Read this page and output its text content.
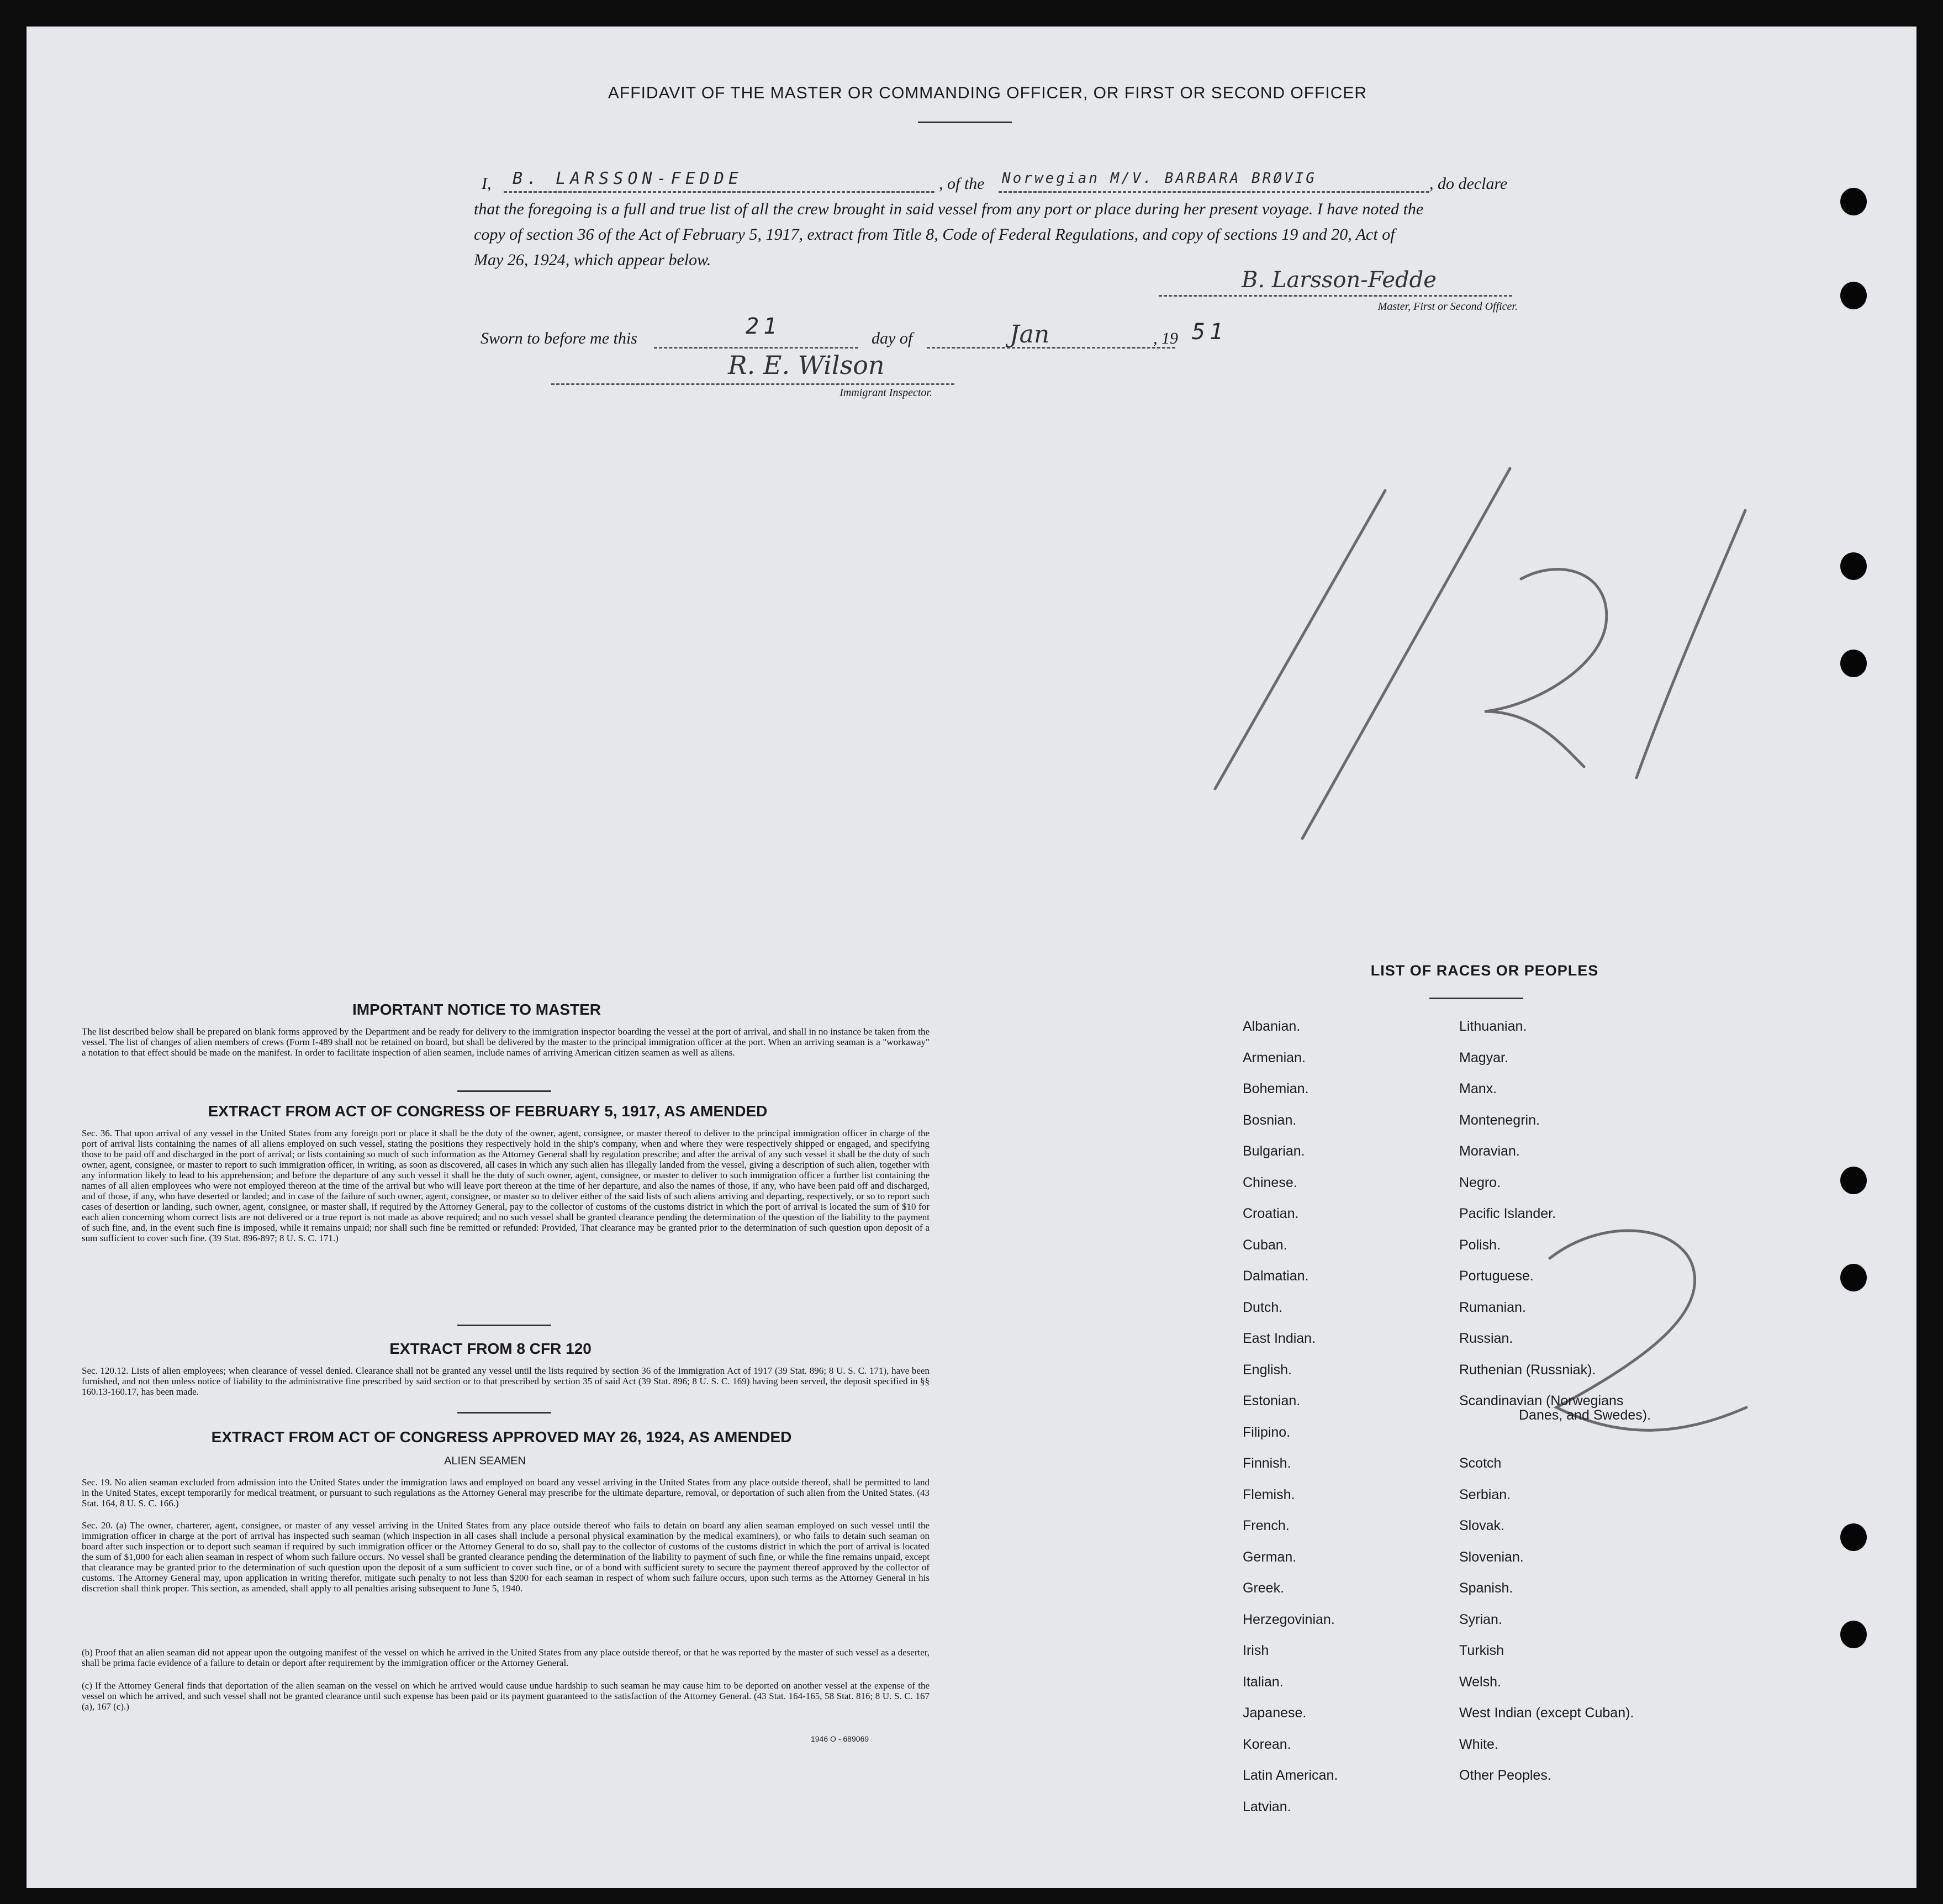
AFFIDAVIT OF THE MASTER OR COMMANDING OFFICER, OR FIRST OR SECOND OFFICER
I, B. LARSSON-FEDDE	, of the Norwegian M/V. BARBARA BRØVIG	, do declare
that the foregoing is a full and true list of all the crew brought in said vessel from any port or place during her present voyage. I have noted the
copy of section 36 of the Act of February 5, 1917, extract from Title 8, Code of Federal Regulations, and copy of sections 19 and 20, Act of
May 26, 1924, which appear below.
B. Larsson-Fedde
Master, First or Second Officer.
Sworn to before me this	21	day of	Jan	, 19 51
R. E. Wilson
Immigrant Inspector.
1/21
2
IMPORTANT NOTICE TO MASTER
The list described below shall be prepared on blank forms approved by the Department and be ready for delivery to the immigration inspector boarding the vessel at the port of arrival, and shall in no instance be taken from the vessel. The list of changes of alien members of crews (Form I-489 shall not be retained on board, but shall be delivered by the master to the principal immigration officer at the port. When an arriving seaman is a "workaway" a notation to that effect should be made on the manifest. In order to facilitate inspection of alien seamen, include names of arriving American citizen seamen as well as aliens.
EXTRACT FROM ACT OF CONGRESS OF FEBRUARY 5, 1917, AS AMENDED
Sec. 36. That upon arrival of any vessel in the United States from any foreign port or place it shall be the duty of the owner, agent, consignee, or master thereof to deliver to the principal immigration officer in charge of the port of arrival lists containing the names of all aliens employed on such vessel, stating the positions they respectively hold in the ship's company, when and where they were respectively shipped or engaged, and specifying those to be paid off and discharged in the port of arrival; or lists containing so much of such information as the Attorney General shall by regulation prescribe; and after the arrival of any such vessel it shall be the duty of such owner, agent, consignee, or master to report to such immigration officer, in writing, as soon as discovered, all cases in which any such alien has illegally landed from the vessel, giving a description of such alien, together with any information likely to lead to his apprehension; and before the departure of any such vessel it shall be the duty of such owner, agent, consignee, or master to deliver to such immigration officer a further list containing the names of all alien employees who were not employed thereon at the time of the arrival but who will leave port thereon at the time of her departure, and also the names of those, if any, who have been paid off and discharged, and of those, if any, who have deserted or landed; and in case of the failure of such owner, agent, consignee, or master so to deliver either of the said lists of such aliens arriving and departing, respectively, or so to report such cases of desertion or landing, such owner, agent, consignee, or master shall, if required by the Attorney General, pay to the collector of customs of the customs district in which the port of arrival is located the sum of $10 for each alien concerning whom correct lists are not delivered or a true report is not made as above required; and no such vessel shall be granted clearance pending the determination of the question of the liability to the payment of such fine, and, in the event such fine is imposed, while it remains unpaid; nor shall such fine be remitted or refunded: Provided, That clearance may be granted prior to the determination of such question upon deposit of a sum sufficient to cover such fine. (39 Stat. 896-897; 8 U. S. C. 171.)
EXTRACT FROM 8 CFR 120
Sec. 120.12. Lists of alien employees; when clearance of vessel denied. Clearance shall not be granted any vessel until the lists required by section 36 of the Immigration Act of 1917 (39 Stat. 896; 8 U. S. C. 171), have been furnished, and not then unless notice of liability to the administrative fine prescribed by said section or to that prescribed by section 35 of said Act (39 Stat. 896; 8 U. S. C. 169) having been served, the deposit specified in §§ 160.13-160.17, has been made.
EXTRACT FROM ACT OF CONGRESS APPROVED MAY 26, 1924, AS AMENDED
ALIEN SEAMEN
Sec. 19. No alien seaman excluded from admission into the United States under the immigration laws and employed on board any vessel arriving in the United States from any place outside thereof, shall be permitted to land in the United States, except temporarily for medical treatment, or pursuant to such regulations as the Attorney General may prescribe for the ultimate departure, removal, or deportation of such alien from the United States. (43 Stat. 164, 8 U. S. C. 166.)
Sec. 20. (a) The owner, charterer, agent, consignee, or master of any vessel arriving in the United States from any place outside thereof who fails to detain on board any alien seaman employed on such vessel until the immigration officer in charge at the port of arrival has inspected such seaman (which inspection in all cases shall include a personal physical examination by the medical examiners), or who fails to detain such seaman on board after such inspection or to deport such seaman if required by such immigration officer or the Attorney General to do so, shall pay to the collector of customs of the customs district in which the port of arrival is located the sum of $1,000 for each alien seaman in respect of whom such failure occurs. No vessel shall be granted clearance pending the determination of the liability to payment of such fine, or while the fine remains unpaid, except that clearance may be granted prior to the determination of such question upon the deposit of a sum sufficient to cover such fine, or of a bond with sufficient surety to secure the payment thereof approved by the collector of customs. The Attorney General may, upon application in writing therefor, mitigate such penalty to not less than $200 for each seaman in respect of whom such failure occurs, upon such terms as the Attorney General in his discretion shall think proper. This section, as amended, shall apply to all penalties arising subsequent to June 5, 1940.
(b) Proof that an alien seaman did not appear upon the outgoing manifest of the vessel on which he arrived in the United States from any place outside thereof, or that he was reported by the master of such vessel as a deserter, shall be prima facie evidence of a failure to detain or deport after requirement by the immigration officer or the Attorney General.
(c) If the Attorney General finds that deportation of the alien seaman on the vessel on which he arrived would cause undue hardship to such seaman he may cause him to be deported on another vessel at the expense of the vessel on which he arrived, and such vessel shall not be granted clearance until such expense has been paid or its payment guaranteed to the satisfaction of the Attorney General. (43 Stat. 164-165, 58 Stat. 816; 8 U. S. C. 167 (a), 167 (c).)
1946 O - 689069
LIST OF RACES OR PEOPLES
Albanian.
Armenian.
Bohemian.
Bosnian.
Bulgarian.
Chinese.
Croatian.
Cuban.
Dalmatian.
Dutch.
East Indian.
English.
Estonian.
Filipino.
Finnish.
Flemish.
French.
German.
Greek.
Herzegovinian.
Irish
Italian.
Japanese.
Korean.
Latin American.
Latvian.
Lithuanian.
Magyar.
Manx.
Montenegrin.
Moravian.
Negro.
Pacific Islander.
Polish.
Portuguese.
Rumanian.
Russian.
Ruthenian (Russniak).
Scandinavian (Norwegians
Danes, and Swedes).
Scotch
Serbian.
Slovak.
Slovenian.
Spanish.
Syrian.
Turkish
Welsh.
West Indian (except Cuban).
White.
Other Peoples.
